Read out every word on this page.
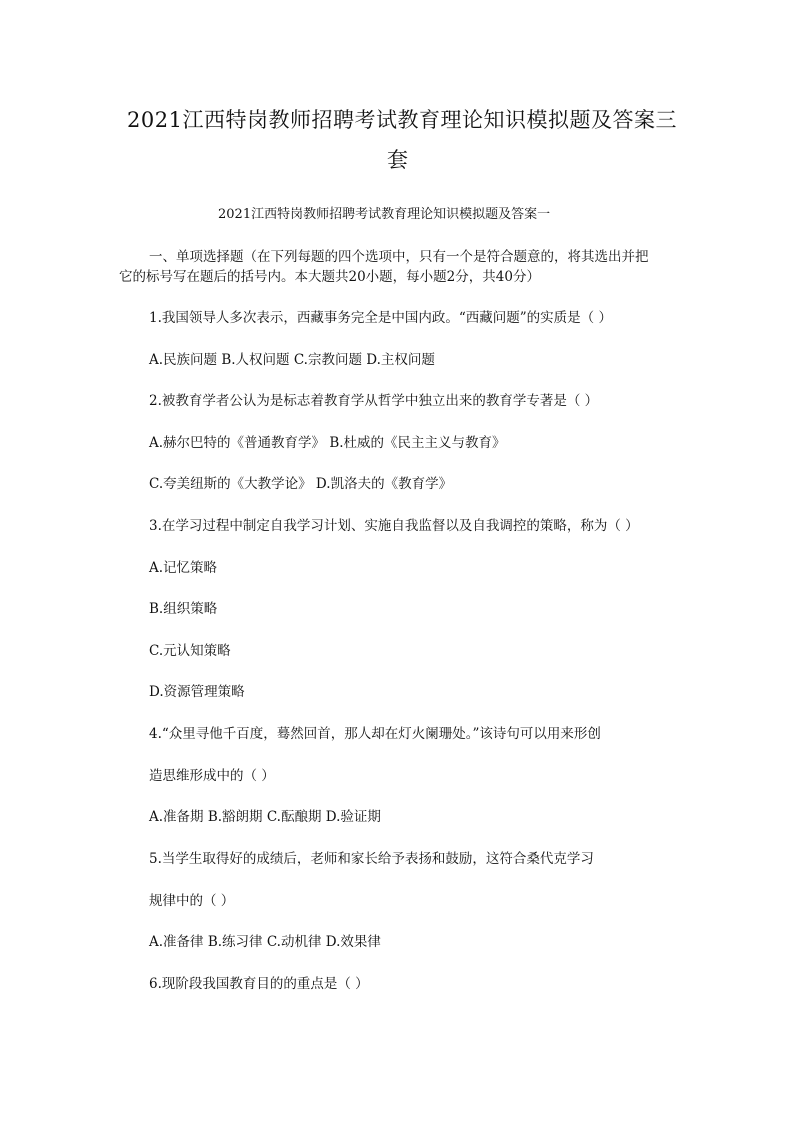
2021江西特岗教师招聘考试教育理论知识模拟题及答案三
套
2021江西特岗教师招聘考试教育理论知识模拟题及答案一
一、单项选择题（在下列每题的四个选项中，只有一个是符合题意的，将其选出并把
它的标号写在题后的括号内。本大题共20小题，每小题2分，共40分）
1.我国领导人多次表示，西藏事务完全是中国内政。“西藏问题”的实质是（ ）
A.民族问题 B.人权问题 C.宗教问题 D.主权问题
2.被教育学者公认为是标志着教育学从哲学中独立出来的教育学专著是（ ）
A.赫尔巴特的《普通教育学》 B.杜威的《民主主义与教育》
C.夸美纽斯的《大教学论》 D.凯洛夫的《教育学》
3.在学习过程中制定自我学习计划、实施自我监督以及自我调控的策略，称为（ ）
A.记忆策略
B.组织策略
C.元认知策略
D.资源管理策略
4.“众里寻他千百度，蓦然回首，那人却在灯火阑珊处。”该诗句可以用来形创
造思维形成中的（ ）
A.准备期 B.豁朗期 C.酝酿期 D.验证期
5.当学生取得好的成绩后，老师和家长给予表扬和鼓励，这符合桑代克学习
规律中的（ ）
A.准备律 B.练习律 C.动机律 D.效果律
6.现阶段我国教育目的的重点是（ ）
